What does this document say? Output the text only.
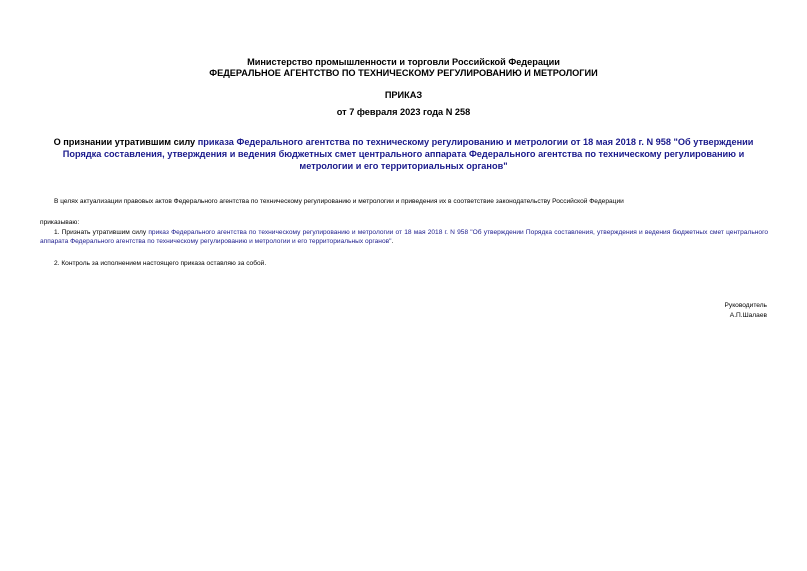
Министерство промышленности и торговли Российской Федерации
ФЕДЕРАЛЬНОЕ АГЕНТСТВО ПО ТЕХНИЧЕСКОМУ РЕГУЛИРОВАНИЮ И МЕТРОЛОГИИ
ПРИКАЗ
от 7 февраля 2023 года N 258
О признании утратившим силу приказа Федерального агентства по техническому регулированию и метрологии от 18 мая 2018 г. N 958 "Об утверждении Порядка составления, утверждения и ведения бюджетных смет центрального аппарата Федерального агентства по техническому регулированию и метрологии и его территориальных органов"
В целях актуализации правовых актов Федерального агентства по техническому регулированию и метрологии и приведения их в соответствие законодательству Российской Федерации
приказываю:
1. Признать утратившим силу приказ Федерального агентства по техническому регулированию и метрологии от 18 мая 2018 г. N 958 "Об утверждении Порядка составления, утверждения и ведения бюджетных смет центрального аппарата Федерального агентства по техническому регулированию и метрологии и его территориальных органов".
2. Контроль за исполнением настоящего приказа оставляю за собой.
Руководитель
А.П.Шалаев
